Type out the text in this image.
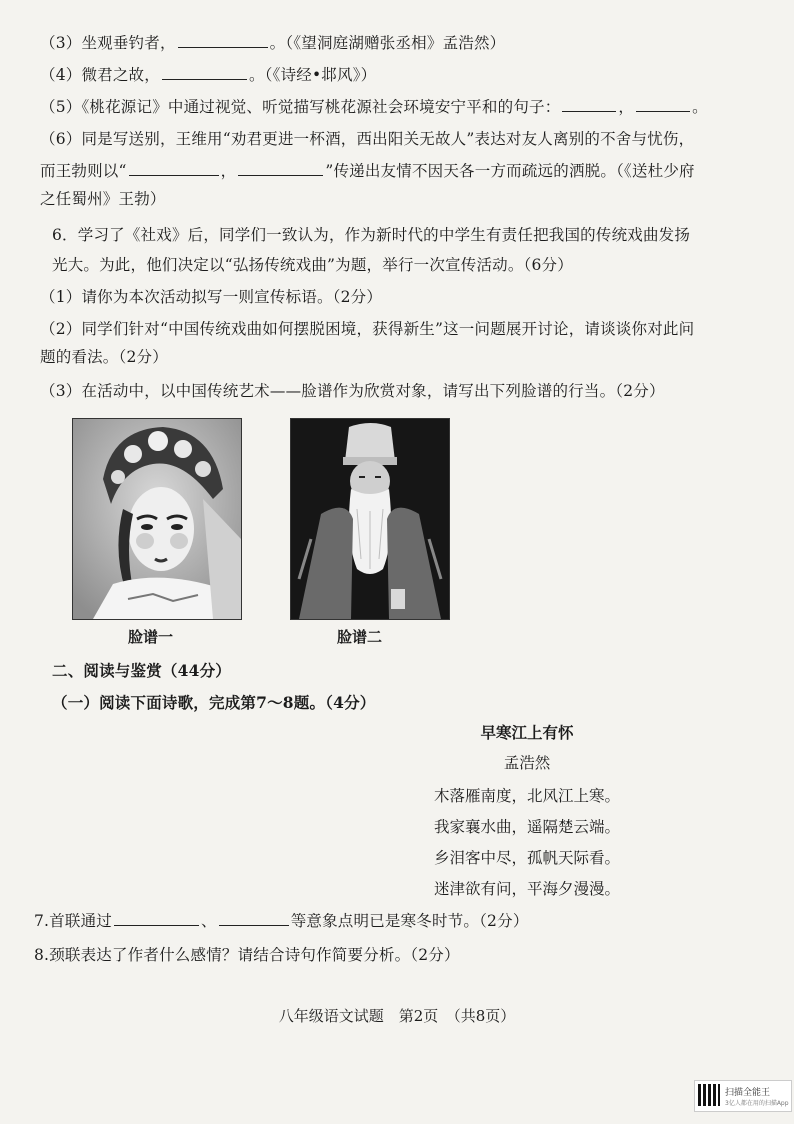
（3）坐观垂钓者，	。（《望洞庭湖赠张丞相》孟浩然）
（4）微君之故，	。（《诗经•邶风》）
（5）《桃花源记》中通过视觉、听觉描写桃花源社会环境安宁平和的句子：	，	。
（6）同是写送别，王维用“劝君更进一杯酒，西出阳关无故人”表达对友人离别的不舍与忧伤，
而王勃则以“	，	”传递出友情不因天各一方而疏远的洒脱。（《送杜少府
之任蜀州》王勃）
6．学习了《社戏》后，同学们一致认为，作为新时代的中学生有责任把我国的传统戏曲发扬
光大。为此，他们决定以“弘扬传统戏曲”为题，举行一次宣传活动。（6分）
（1）请你为本次活动拟写一则宣传标语。（2分）
（2）同学们针对“中国传统戏曲如何摆脱困境，获得新生”这一问题展开讨论，请谈谈你对此问
题的看法。（2分）
（3）在活动中，以中国传统艺术——脸谱作为欣赏对象，请写出下列脸谱的行当。（2分）
脸谱一	脸谱二
二、阅读与鉴赏（44分）
（一）阅读下面诗歌，完成第7～8题。（4分）
早寒江上有怀
孟浩然
木落雁南度，北风江上寒。
我家襄水曲，遥隔楚云端。
乡泪客中尽，孤帆天际看。
迷津欲有问，平海夕漫漫。
7.首联通过	、	等意象点明已是寒冬时节。（2分）
8.颈联表达了作者什么感情？请结合诗句作简要分析。（2分）
八年级语文试题　第2页　（共8页）
扫描全能王
3亿人都在用的扫描App
